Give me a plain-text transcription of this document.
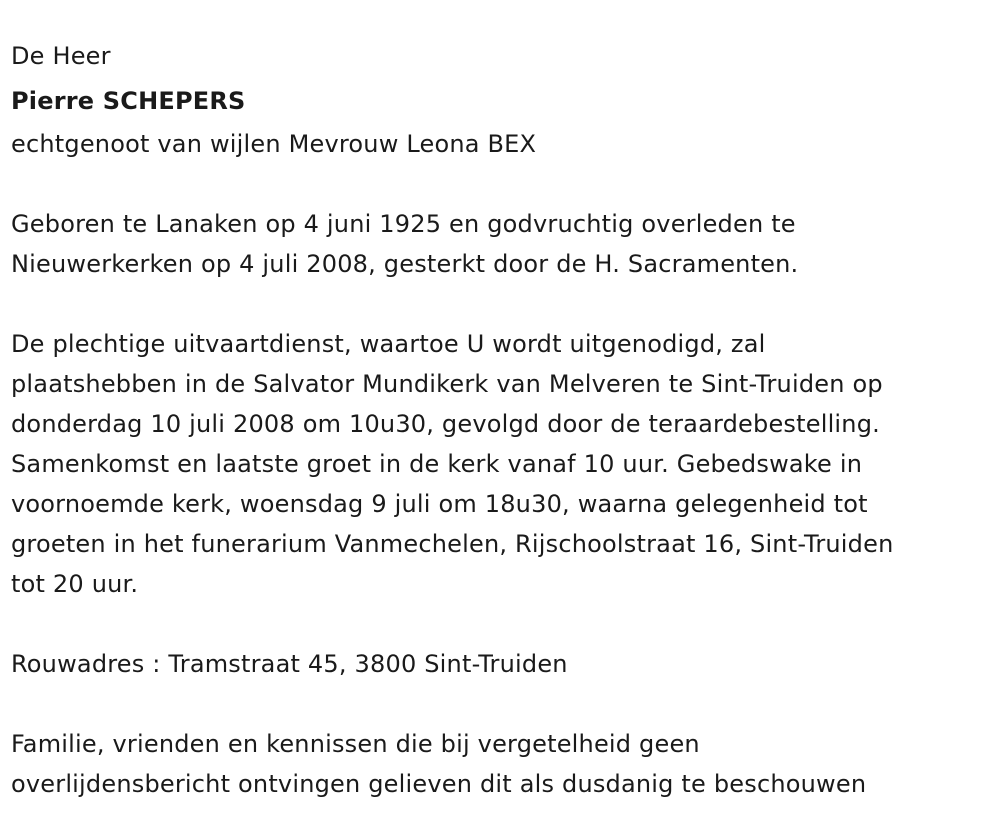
De Heer
Pierre SCHEPERS
echtgenoot van wijlen Mevrouw Leona BEX
Geboren te Lanaken op 4 juni 1925 en godvruchtig overleden te
Nieuwerkerken op 4 juli 2008, gesterkt door de H. Sacramenten.
De plechtige uitvaartdienst, waartoe U wordt uitgenodigd, zal
plaatshebben in de Salvator Mundikerk van Melveren te Sint-Truiden op
donderdag 10 juli 2008 om 10u30, gevolgd door de teraardebestelling.
Samenkomst en laatste groet in de kerk vanaf 10 uur. Gebedswake in
voornoemde kerk, woensdag 9 juli om 18u30, waarna gelegenheid tot
groeten in het funerarium Vanmechelen, Rijschoolstraat 16, Sint-Truiden
tot 20 uur.
Rouwadres : Tramstraat 45, 3800 Sint-Truiden
Familie, vrienden en kennissen die bij vergetelheid geen
overlijdensbericht ontvingen gelieven dit als dusdanig te beschouwen
